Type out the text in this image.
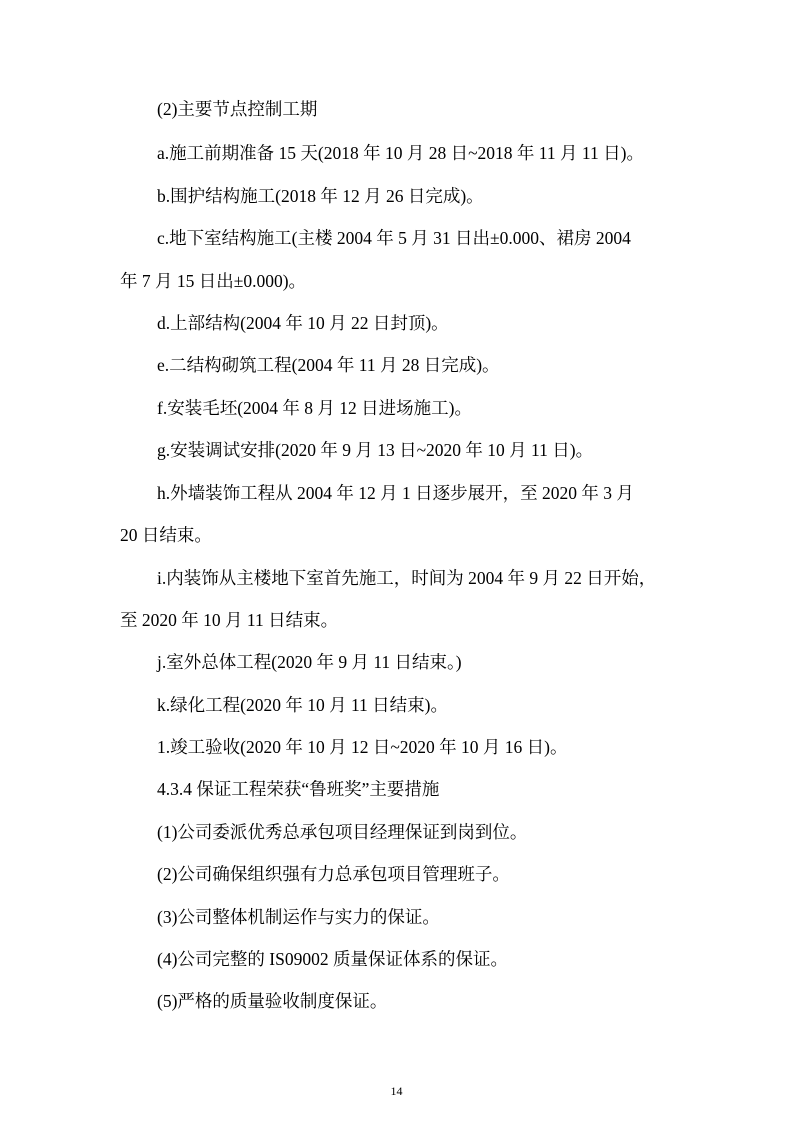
(2)主要节点控制工期
a.施工前期准备 15 天(2018 年 10 月 28 日~2018 年 11 月 11 日)。
b.围护结构施工(2018 年 12 月 26 日完成)。
c.地下室结构施工(主楼 2004 年 5 月 31 日出±0.000、裙房 2004
年 7 月 15 日出±0.000)。
d.上部结构(2004 年 10 月 22 日封顶)。
e.二结构砌筑工程(2004 年 11 月 28 日完成)。
f.安装毛坯(2004 年 8 月 12 日进场施工)。
g.安装调试安排(2020 年 9 月 13 日~2020 年 10 月 11 日)。
h.外墙装饰工程从 2004 年 12 月 1 日逐步展开，至 2020 年 3 月
20 日结束。
i.内装饰从主楼地下室首先施工，时间为 2004 年 9 月 22 日开始，
至 2020 年 10 月 11 日结束。
j.室外总体工程(2020 年 9 月 11 日结束。)
k.绿化工程(2020 年 10 月 11 日结束)。
1.竣工验收(2020 年 10 月 12 日~2020 年 10 月 16 日)。
4.3.4 保证工程荣获“鲁班奖”主要措施
(1)公司委派优秀总承包项目经理保证到岗到位。
(2)公司确保组织强有力总承包项目管理班子。
(3)公司整体机制运作与实力的保证。
(4)公司完整的 IS09002 质量保证体系的保证。
(5)严格的质量验收制度保证。
14
